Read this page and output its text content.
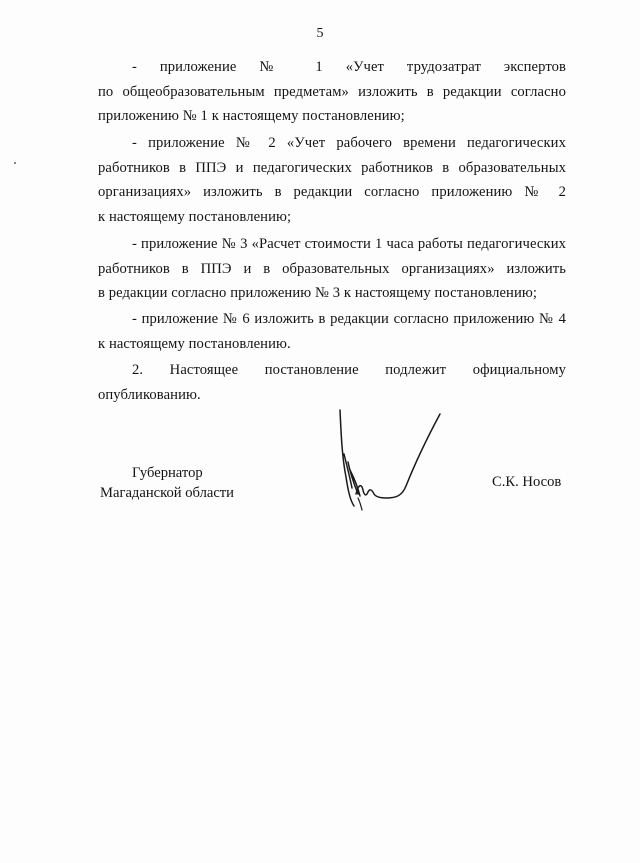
5
- приложение № 1 «Учет трудозатрат экспертов
по общеобразовательным предметам» изложить в редакции согласно
приложению № 1 к настоящему постановлению;
- приложение № 2 «Учет рабочего времени педагогических
работников в ППЭ и педагогических работников в образовательных
организациях» изложить в редакции согласно приложению № 2
к настоящему постановлению;
- приложение № 3 «Расчет стоимости 1 часа работы педагогических
работников в ППЭ и в образовательных организациях» изложить
в редакции согласно приложению № 3 к настоящему постановлению;
- приложение № 6 изложить в редакции согласно приложению № 4
к настоящему постановлению.
2. Настоящее постановление подлежит официальному
опубликованию.
Губернатор
Магаданской области
С.К. Носов
